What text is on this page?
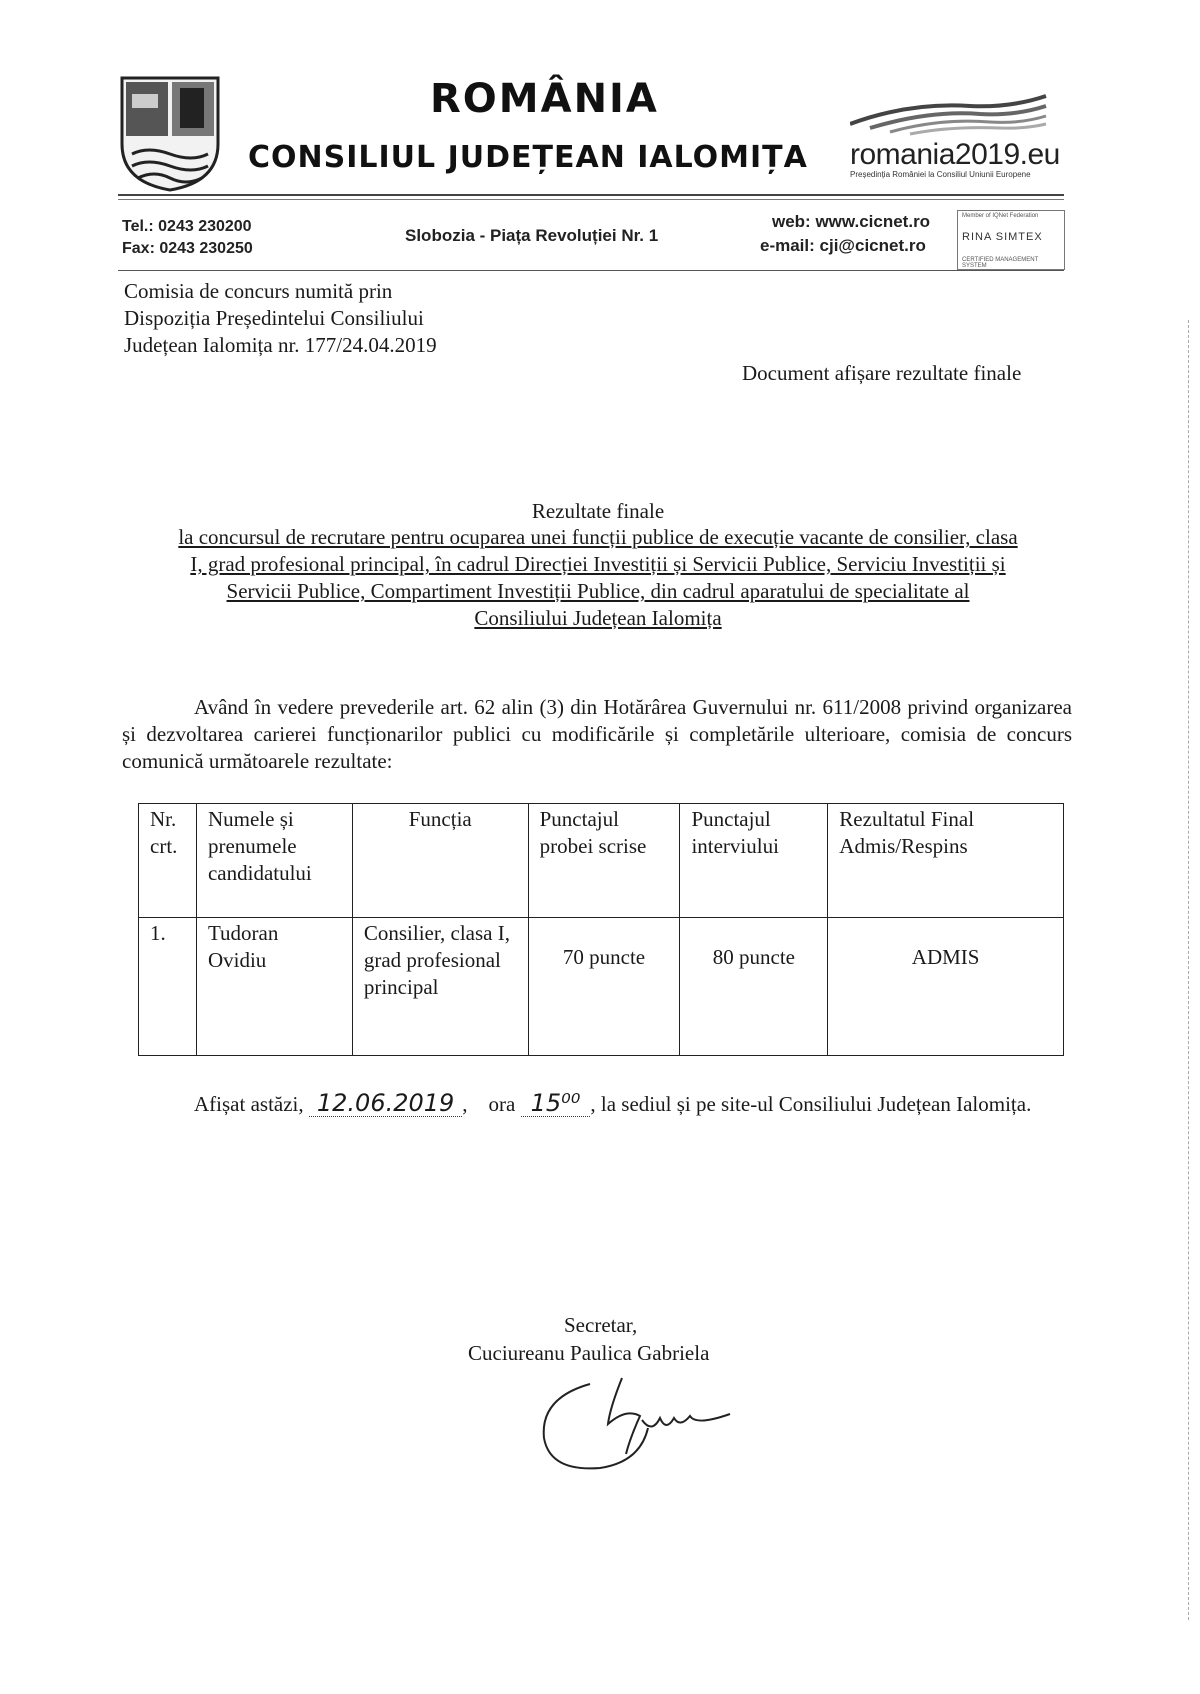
ROMÂNIA
CONSILIUL JUDEȚEAN IALOMIȚA romania2019.eu
Președinția României la Consiliul Uniunii Europene
Tel.: 0243 230200
Fax: 0243 230250
Slobozia - Piața Revoluției Nr. 1
web: www.cicnet.ro
e-mail: cji@cicnet.ro
Member of IQNet Federation
RINA SIMTEX
CERTIFIED MANAGEMENT SYSTEM
Comisia de concurs numită prin
Dispoziția Președintelui Consiliului
Județean Ialomița nr. 177/24.04.2019
Document afișare rezultate finale
Rezultate finale
la concursul de recrutare pentru ocuparea unei funcții publice de execuție vacante de consilier, clasa
I, grad profesional principal, în cadrul Direcției Investiții și Servicii Publice, Serviciu Investiții și
Servicii Publice, Compartiment Investiții Publice, din cadrul aparatului de specialitate al
Consiliului Județean Ialomița
Având în vedere prevederile art. 62 alin (3) din Hotărârea Guvernului nr. 611/2008 privind organizarea și dezvoltarea carierei funcționarilor publici cu modificările și completările ulterioare, comisia de concurs comunică următoarele rezultate:
Nr. crt.	Numele și prenumele candidatului	Funcția	Punctajul probei scrise	Punctajul interviului	Rezultatul Final Admis/Respins
1.	Tudoran Ovidiu	Consilier, clasa I, grad profesional principal	70 puncte	80 puncte	ADMIS
Afișat astăzi, 12.06.2019 ,    ora 15⁰⁰ , la sediul și pe site-ul Consiliului Județean Ialomița.
Secretar,
Cuciureanu Paulica Gabriela
